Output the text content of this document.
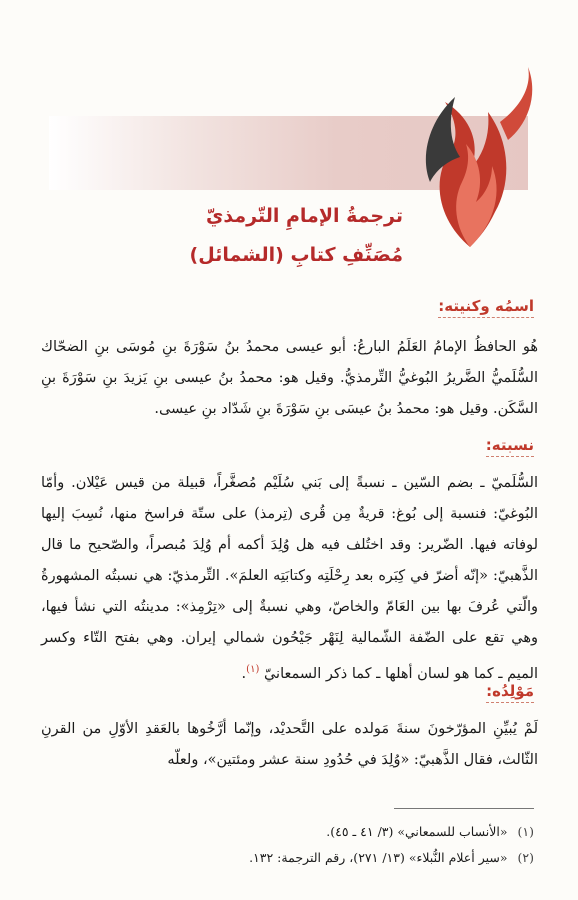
ترجمةُ الإمامِ التّرمذيّ
مُصَنِّفِ كتابِ (الشمائل)
اسمُه وكنيته:
هُو الحافظُ الإمامُ العَلَمُ البارعُ: أبو عيسى محمدُ بنُ سَوْرَةَ بنِ مُوسَى بنِ الضحّاك السُّلَميُّ الضَّريرُ البُوغيُّ التِّرمذيُّ. وقيل هو: محمدُ بنُ عيسى بنِ يَزيدَ بنِ سَوْرَةَ بنِ السَّكَن. وقيل هو: محمدُ بنُ عيسَى بنِ سَوْرَةَ بنِ شَدّاد بنِ عيسى.
نسبته:
السُّلَميّ ـ بضم السّين ـ نسبةً إلى بَني سُلَيْم مُصغَّراً، قبيلة من قيس عَيْلان. وأمّا البُوغيّ: فنسبة إلى بُوغ: قريةٌ مِن قُرى (تِرمذ) على ستّة فراسخ منها، نُسِبَ إليها لوفاته فيها. الضّرير: وقد اختُلف فيه هل وُلِدَ أكمه أم وُلِدَ مُبصراً، والصّحيح ما قال الذَّهبيّ: «إنّه أضرّ في كِبَره بعد رِحْلَتِه وكتابَتِه العلمَ». التِّرمذيّ: هي نسبتُه المشهورةُ والّتي عُرفَ بها بين العَامّ والخاصّ، وهي نسبةٌ إلى «تِرْمِذ»: مدينتُه التي نشأ فيها، وهي تقع على الضّفة الشّمالية لِنَهْر جَيْحُون شمالي إيران. وهي بفتح التّاء وكسر الميم ـ كما هو لسان أهلها ـ كما ذكر السمعانيّ $^{(١)}$.
مَوْلِدُه:
لَمْ يُبيِّنِ المؤرّخونَ سنةَ مَولده على التَّحديْد، وإنّما أرَّخُوها بالعَقدِ الأوّلِ من القرنِ الثّالث، فقال الذَّهبيّ: «وُلِدَ في حُدُودِ سنة عشر ومئتين»، ولعلّه
(١)«الأنساب للسمعاني» (٣/ ٤١ ـ ٤٥).
(٢)«سير أعلام النُّبلاء» (١٣/ ٢٧١)، رقم الترجمة: ١٣٢.
